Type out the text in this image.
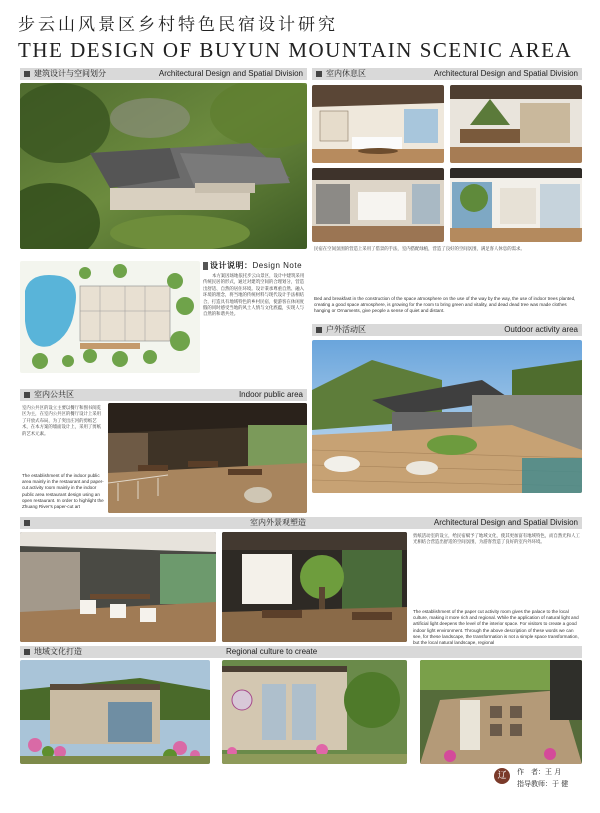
步云山风景区乡村特色民宿设计研究
THE DESIGN OF BUYUN MOUNTAIN SCENIC AREA
建筑设计与空间划分	Architectural Design and Spatial Division
设计说明：Design Note
本方案因场地依托步云山景区，设计中建筑采用传统民居的形式，通过对建筑空间的合理划分，营造出舒适、自然的居住环境。设计秉承尊重自然、融入环境的理念，将当地的传统材料与现代设计手法相结合，打造具有地域特色的乡村民宿，使游客在休闲度假的同时感受当地的风土人情与文化底蕴，实现人与自然的和谐共处。
室内休息区	Architectural Design and Spatial Division
民宿在空间氛围的营造上采用了借景的手法，室内搭配绿植，营造了良好的空间氛围，满足客人休息的需求。
Bed and breakfast in the construction of the space atmosphere on the use of the way by the way, the use of indoor trees planted, creating a good space atmosphere, is growing for the room to bring green and vitality, and dead dead tree was made clothes hanging or Ornaments, give people a sense of quiet and distant.
户外活动区	Outdoor activity area
室内公共区	Indoor public area
室内公共区的设立主要以餐厅和图书阅览区为主，在室内公共区的餐厅设计上采用了开放式布局，为了突出庄河的剪纸艺术，在本方案的墙面设计上，采用了剪纸的艺术元素。
The establishment of the indoor public area mainly in the restaurant and paper-cut activity room mainly in the indoor public area restaurant design using an open restaurant. In order to highlight the Zhuang River's paper-cut art
室内外景观塑造	Architectural Design and Spatial Division
剪纸活动室的设立，给民宿赋予了地域文化，使其更加富有地域特色，而自然光和人工光相结合营造出舒适的空间氛围，为游客营造了良好的室内外环境。
The establishment of the paper cut activity room gives the palace to the local culture, making it more rich and regional. While the application of natural light and artificial light deepens the level of the interior space. For visitors to create a good indoor light environment. Through the above description of these words we can see, for these landscape, the transformation is not a simple space transformation, but the local natural landscape, regional
地域文化打造	Regional culture to create
辽	作　者：王 月
指导教师：于 健
